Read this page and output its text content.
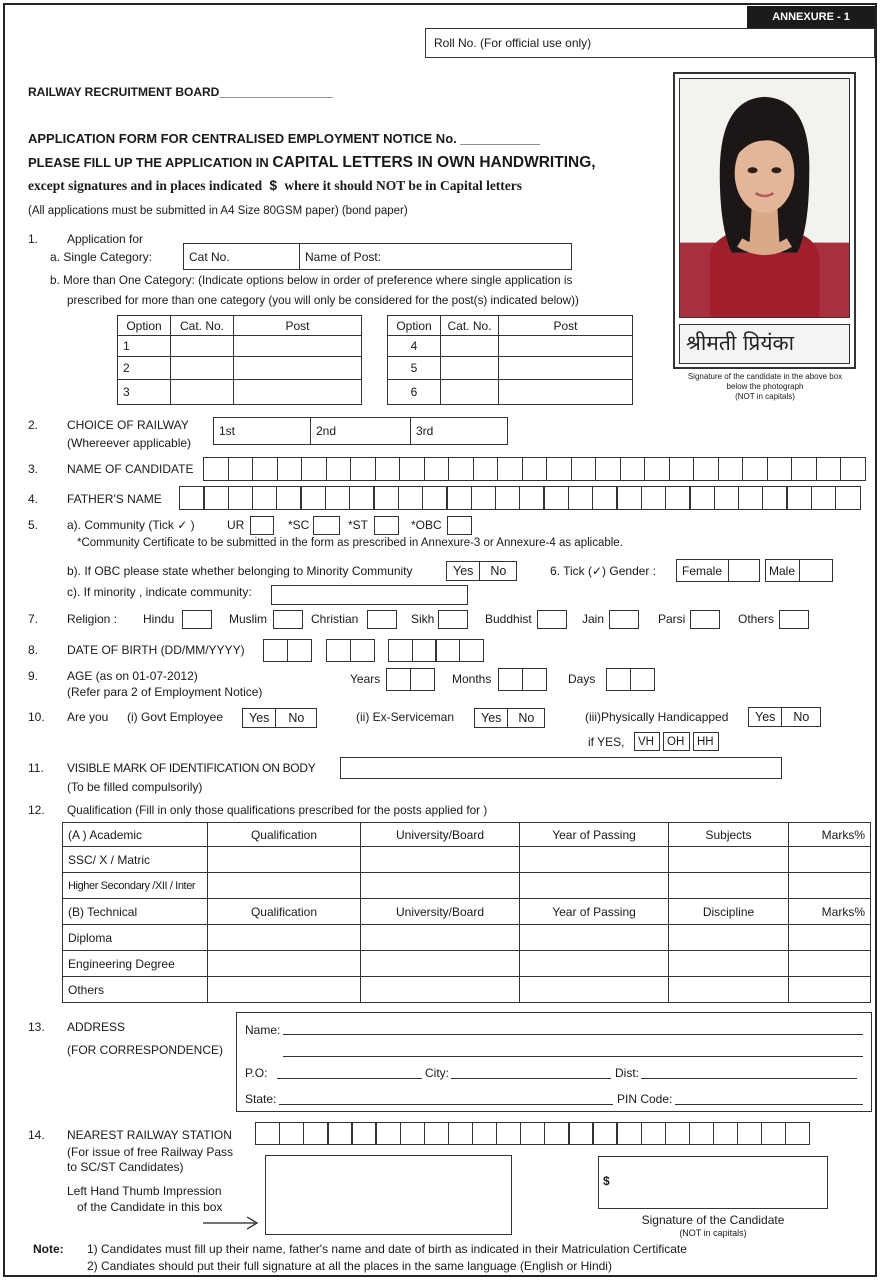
ANNEXURE - 1
Roll No. (For official use only)
RAILWAY RECRUITMENT BOARD_________________
APPLICATION FORM FOR CENTRALISED EMPLOYMENT NOTICE No. ___________
PLEASE FILL UP THE APPLICATION IN CAPITAL LETTERS IN OWN HANDWRITING,
except signatures and in places indicated $ where it should NOT be in Capital letters
(All applications must be submitted in A4 Size 80GSM paper) (bond paper)
श्रीमती प्रियंका
Signature of the candidate in the above box
below the photograph
(NOT in capitals)
1. Application for
a. Single Category:	Cat No.	Name of Post:
b. More than One Category: (Indicate options below in order of preference where single application is
prescribed for more than one category (you will only be considered for the post(s) indicated below))
Option	Cat. No.	Post
1		
2		
3		
Option	Cat. No.	Post
4		
5		
6		
2. CHOICE OF RAILWAY
(Whereever applicable)
1st	2nd	3rd
3. NAME OF CANDIDATE
4. FATHER'S NAME
5. a). Community (Tick ✓ )	UR	*SC	*ST	*OBC
*Community Certificate to be submitted in the form as prescribed in Annexure-3 or Annexure-4 as aplicable.
b). If OBC please state whether belonging to Minority Community	Yes	No	6. Tick (✓) Gender : Female	Male
c). If minority , indicate community:
7. Religion : Hindu	Muslim	Christian	Sikh	Buddhist	Jain	Parsi	Others
8. DATE OF BIRTH (DD/MM/YYYY)
9. AGE (as on 01-07-2012)
(Refer para 2 of Employment Notice)
Years	Months	Days
10. Are you (i) Govt Employee	Yes	No	(ii) Ex-Serviceman	Yes	No	(iii)Physically Handicapped	Yes	No
if YES,	VH	OH	HH
11. VISIBLE MARK OF IDENTIFICATION ON BODY
(To be filled compulsorily)
12. Qualification (Fill in only those qualifications prescribed for the posts applied for )
(A ) Academic	Qualification	University/Board	Year of Passing	Subjects	Marks%
SSC/ X / Matric					
Higher Secondary /XII / Inter					
(B) Technical	Qualification	University/Board	Year of Passing	Discipline	Marks%
Diploma					
Engineering Degree					
Others					
13. ADDRESS
(FOR CORRESPONDENCE)
Name:
P.O:	City:	Dist:
State:	PIN Code:
14. NEAREST RAILWAY STATION
(For issue of free Railway Pass
to SC/ST Candidates)
Left Hand Thumb Impression
of the Candidate in this box
$
Signature of the Candidate
(NOT in capitals)
Note: 1) Candidates must fill up their name, father's name and date of birth as indicated in their Matriculation Certificate
2) Candiates should put their full signature at all the places in the same language (English or Hindi)
